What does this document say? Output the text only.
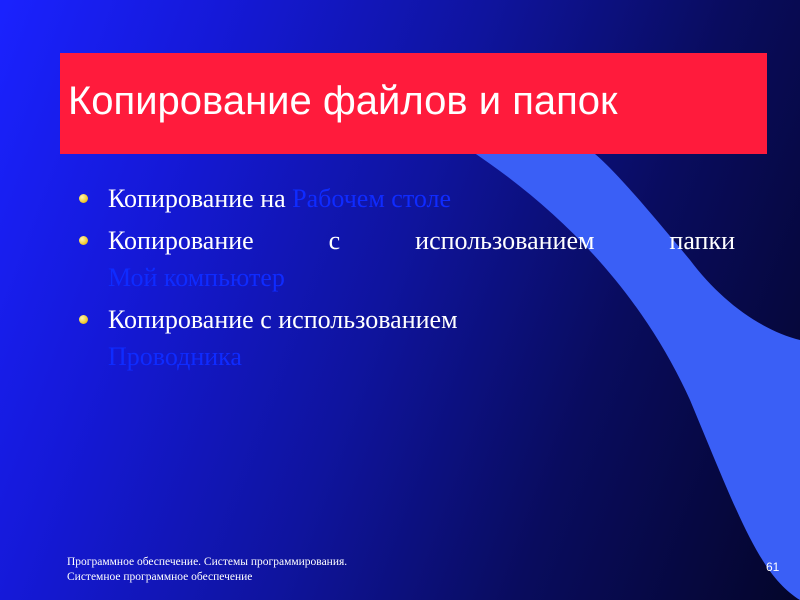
Копирование файлов и папок
Копирование на Рабочем столе
Копирование с использованием папки
Мой компьютер
Копирование с использованием
Проводника
Программное обеспечение. Системы программирования. Системное программное обеспечение
61
